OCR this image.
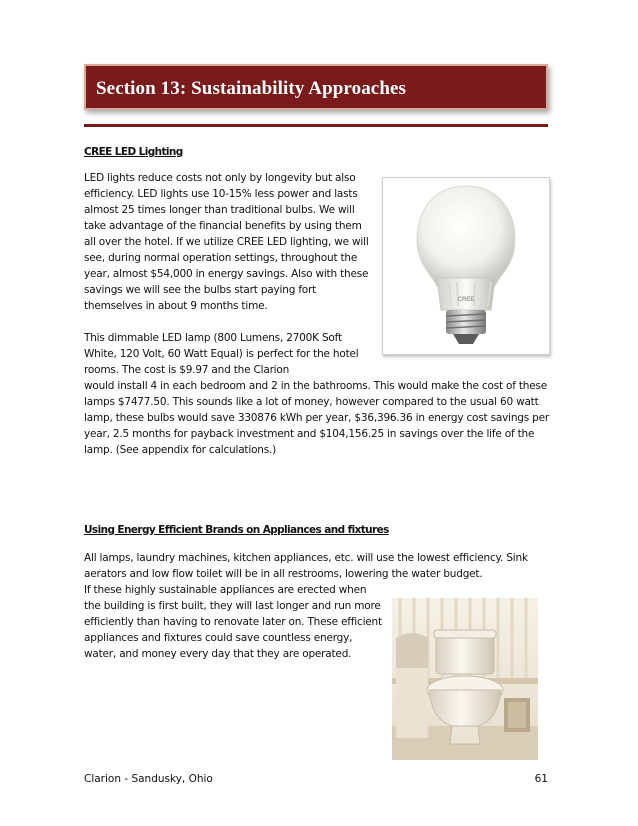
Section 13: Sustainability Approaches
CREE LED Lighting

LED lights reduce costs not only by longevity but also efficiency. LED lights use 10-15% less power and lasts almost 25 times longer than traditional bulbs. We will take advantage of the financial benefits by using them all over the hotel. If we utilize CREE LED lighting, we will see, during normal operation settings, throughout the year, almost $54,000 in energy savings. Also with these savings we will see the bulbs start paying fort themselves in about 9 months time.

This dimmable LED lamp (800 Lumens, 2700K Soft White, 120 Volt, 60 Watt Equal) is perfect for the hotel rooms. The cost is $9.97 and the Clarion

would install 4 in each bedroom and 2 in the bathrooms. This would make the cost of these lamps $7477.50. This sounds like a lot of money, however compared to the usual 60 watt lamp, these bulbs would save 330876 kWh per year, $36,396.36 in energy cost savings per year, 2.5 months for payback investment and $104,156.25 in savings over the life of the lamp. (See appendix for calculations.)

CREE
Using Energy Efficient Brands on Appliances and fixtures

All lamps, laundry machines, kitchen appliances, etc. will use the lowest efficiency. Sink aerators and low flow toilet will be in all restrooms, lowering the water budget.

If these highly sustainable appliances are erected when the building is first built, they will last longer and run more efficiently than having to renovate later on. These efficient appliances and fixtures could save countless energy, water, and money every day that they are operated.

Clarion - Sandusky, Ohio	61
